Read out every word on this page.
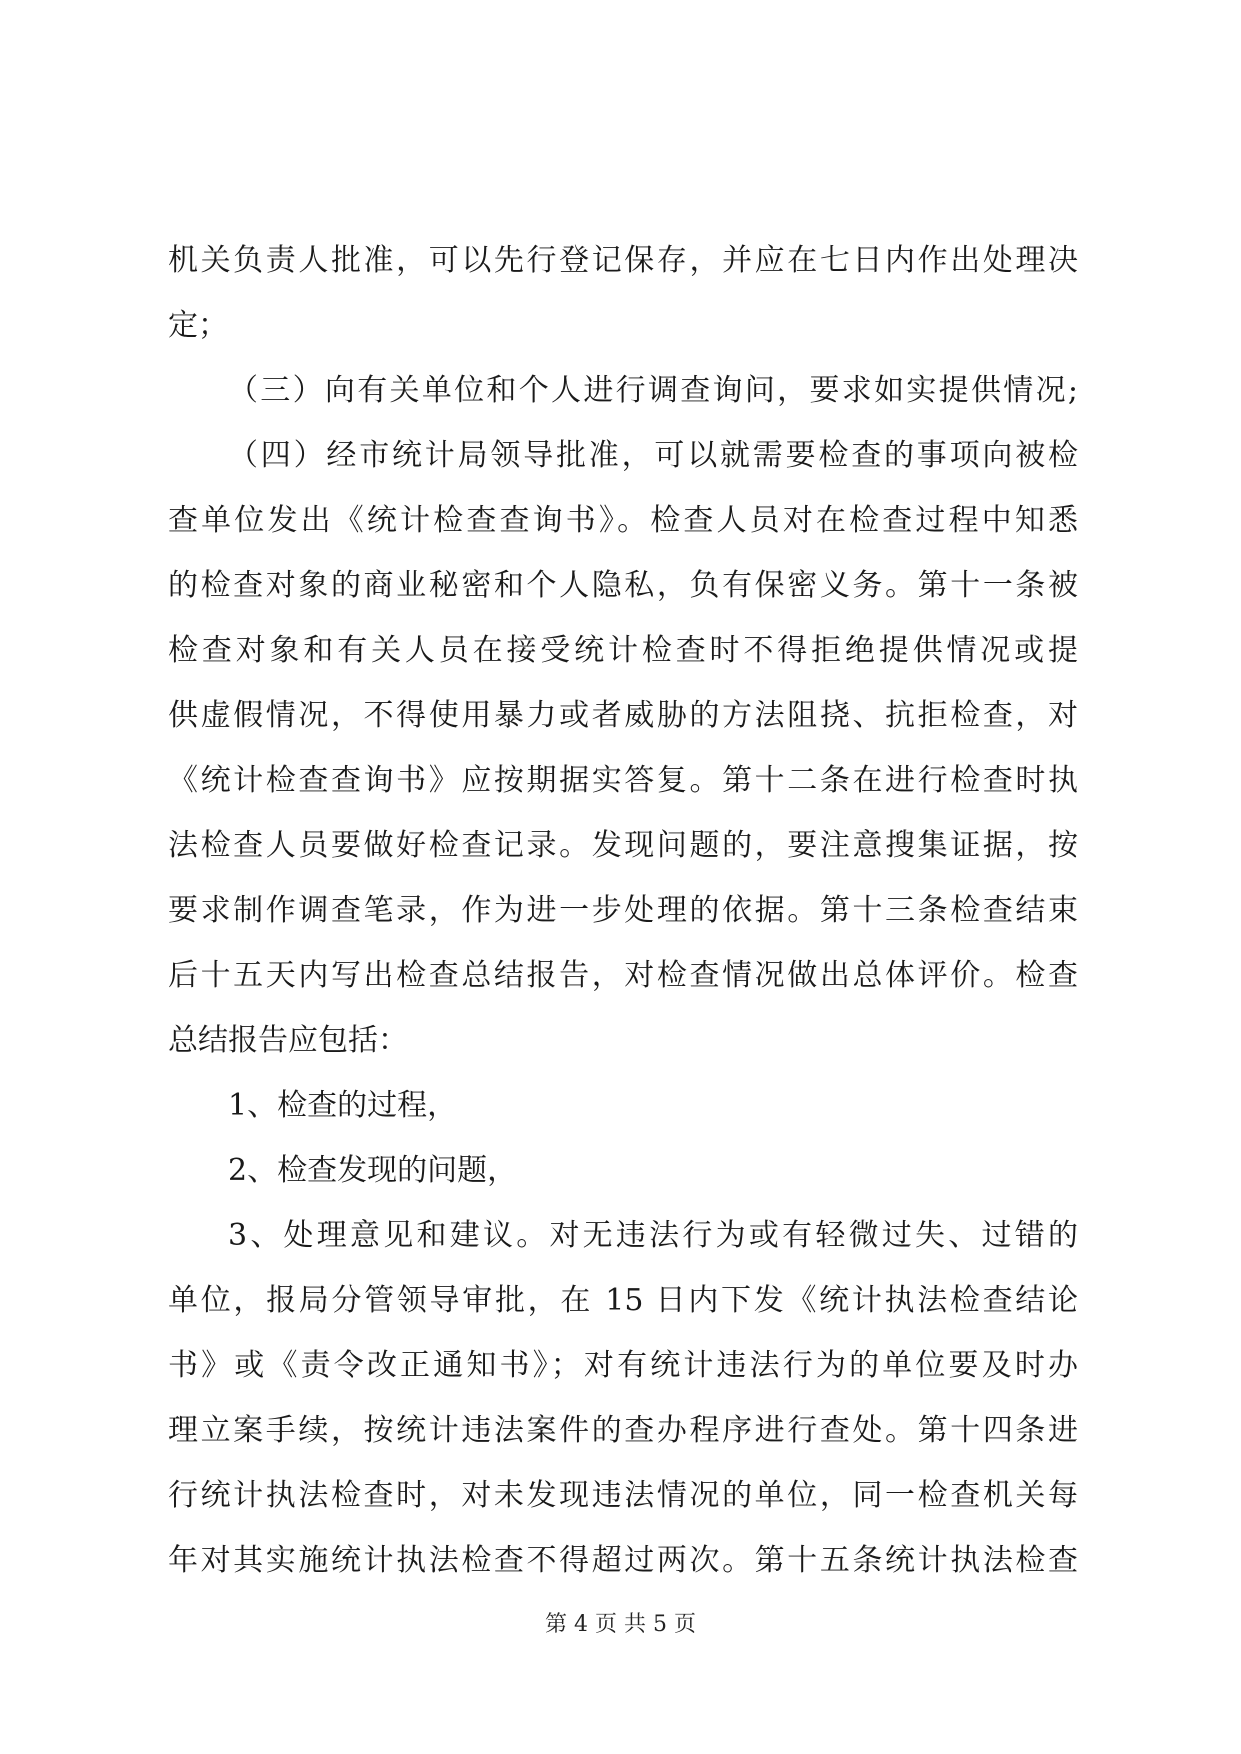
机关负责人批准，可以先行登记保存，并应在七日内作出处理决
定；
（三）向有关单位和个人进行调查询问，要求如实提供情况;
（四）经市统计局领导批准，可以就需要检查的事项向被检
查单位发出《统计检查查询书》。检查人员对在检查过程中知悉
的检查对象的商业秘密和个人隐私，负有保密义务。第十一条被
检查对象和有关人员在接受统计检查时不得拒绝提供情况或提
供虚假情况，不得使用暴力或者威胁的方法阻挠、抗拒检查，对
《统计检查查询书》应按期据实答复。第十二条在进行检查时执
法检查人员要做好检查记录。发现问题的，要注意搜集证据，按
要求制作调查笔录，作为进一步处理的依据。第十三条检查结束
后十五天内写出检查总结报告，对检查情况做出总体评价。检查
总结报告应包括：
1、检查的过程，
2、检查发现的问题，
3、处理意见和建议。对无违法行为或有轻微过失、过错的
单位，报局分管领导审批，在 15 日内下发《统计执法检查结论
书》或《责令改正通知书》；对有统计违法行为的单位要及时办
理立案手续，按统计违法案件的查办程序进行查处。第十四条进
行统计执法检查时，对未发现违法情况的单位，同一检查机关每
年对其实施统计执法检查不得超过两次。第十五条统计执法检查
第 4 页 共 5 页
